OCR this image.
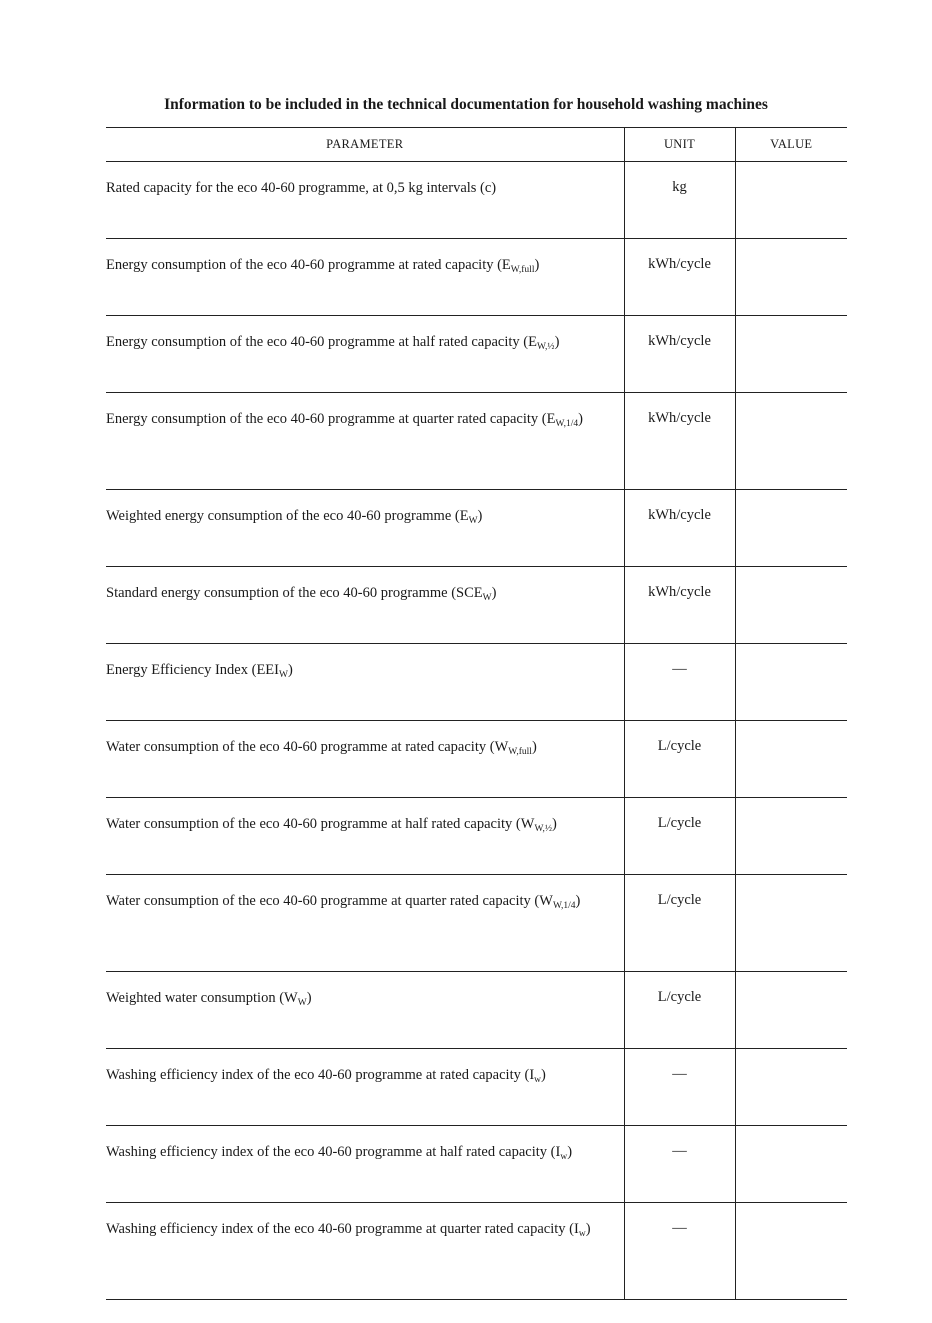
Information to be included in the technical documentation for household washing machines
PARAMETER	UNIT	VALUE
Rated capacity for the eco 40-60 programme, at 0,5 kg intervals (c)	kg	
Energy consumption of the eco 40-60 programme at rated capacity $(E_{W,full})$	kWh/cycle	
Energy consumption of the eco 40-60 programme at half rated capacity $(E_{W,\frac{1}{2}})$	kWh/cycle	
Energy consumption of the eco 40-60 programme at quarter rated capacity $(E_{W,1/4})$	kWh/cycle	
Weighted energy consumption of the eco 40-60 programme $(E_W)$	kWh/cycle	
Standard energy consumption of the eco 40-60 programme $(SCE_W)$	kWh/cycle	
Energy Efficiency Index $(EEI_W)$	—	
Water consumption of the eco 40-60 programme at rated capacity $(W_{W,full})$	L/cycle	
Water consumption of the eco 40-60 programme at half rated capacity $(W_{W,\frac{1}{2}})$	L/cycle	
Water consumption of the eco 40-60 programme at quarter rated capacity $(W_{W,1/4})$	L/cycle	
Weighted water consumption $(W_W)$	L/cycle	
Washing efficiency index of the eco 40-60 programme at rated capacity $(I_w)$	—	
Washing efficiency index of the eco 40-60 programme at half rated capacity $(I_w)$	—	
Washing efficiency index of the eco 40-60 programme at quarter rated capacity $(I_w)$	—	
